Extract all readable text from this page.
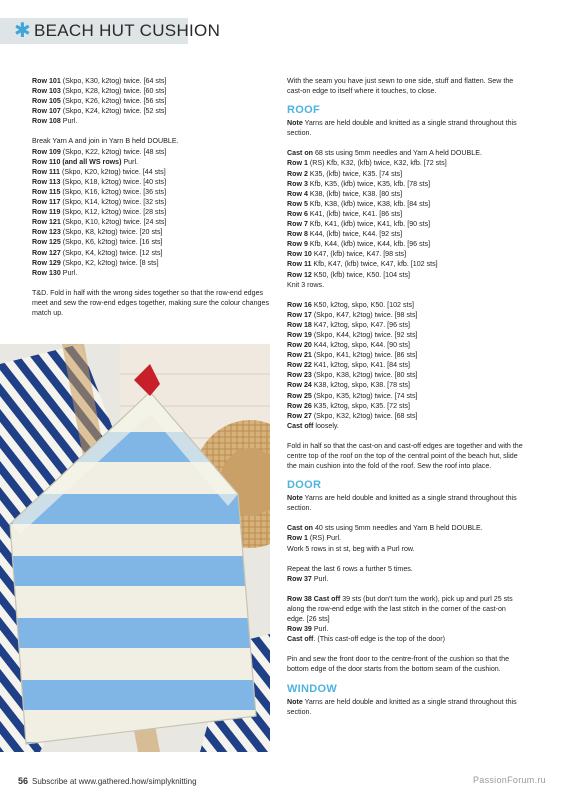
✱ BEACH HUT CUSHION

Row 101 (Skpo, K30, k2tog) twice. [64 sts]

Row 103 (Skpo, K28, k2tog) twice. [60 sts]

Row 105 (Skpo, K26, k2tog) twice. [56 sts]

Row 107 (Skpo, K24, k2tog) twice. [52 sts]

Row 108 Purl.

Break Yarn A and join in Yarn B held DOUBLE.

Row 109 (Skpo, K22, k2tog) twice. [48 sts]

Row 110 (and all WS rows) Purl.

Row 111 (Skpo, K20, k2tog) twice. [44 sts]

Row 113 (Skpo, K18, k2tog) twice. [40 sts]

Row 115 (Skpo, K16, k2tog) twice. [36 sts]

Row 117 (Skpo, K14, k2tog) twice. [32 sts]

Row 119 (Skpo, K12, k2tog) twice. [28 sts]

Row 121 (Skpo, K10, k2tog) twice. [24 sts]

Row 123 (Skpo, K8, k2tog) twice. [20 sts]

Row 125 (Skpo, K6, k2tog) twice. [16 sts]

Row 127 (Skpo, K4, k2tog) twice. [12 sts]

Row 129 (Skpo, K2, k2tog) twice. [8 sts]

Row 130 Purl.

T&D. Fold in half with the wrong sides together so that the row-end edges meet and sew the row-end edges together, making sure the colour changes match up.

With the seam you have just sewn to one side, stuff and flatten. Sew the cast-on edge to itself where it touches, to close.

ROOF

Note Yarns are held double and knitted as a single strand throughout this section.

Cast on 68 sts using 5mm needles and Yarn A held DOUBLE.

Row 1 (RS) Kfb, K32, (kfb) twice, K32, kfb. [72 sts]

Row 2 K35, (kfb) twice, K35. [74 sts]

Row 3 Kfb, K35, (kfb) twice, K35, kfb. [78 sts]

Row 4 K38, (kfb) twice, K38. [80 sts]

Row 5 Kfb, K38, (kfb) twice, K38, kfb. [84 sts]

Row 6 K41, (kfb) twice, K41. [86 sts]

Row 7 Kfb, K41, (kfb) twice, K41, kfb. [90 sts]

Row 8 K44, (kfb) twice, K44. [92 sts]

Row 9 Kfb, K44, (kfb) twice, K44, kfb. [96 sts]

Row 10 K47, (kfb) twice, K47. [98 sts]

Row 11 Kfb, K47, (kfb) twice, K47, kfb. [102 sts]

Row 12 K50, (kfb) twice, K50. [104 sts]

Knit 3 rows.

Row 16 K50, k2tog, skpo, K50. [102 sts]

Row 17 (Skpo, K47, k2tog) twice. [98 sts]

Row 18 K47, k2tog, skpo, K47. [96 sts]

Row 19 (Skpo, K44, k2tog) twice. [92 sts]

Row 20 K44, k2tog, skpo, K44. [90 sts]

Row 21 (Skpo, K41, k2tog) twice. [86 sts]

Row 22 K41, k2tog, skpo, K41. [84 sts]

Row 23 (Skpo, K38, k2tog) twice. [80 sts]

Row 24 K38, k2tog, skpo, K38. [78 sts]

Row 25 (Skpo, K35, k2tog) twice. [74 sts]

Row 26 K35, k2tog, skpo, K35. [72 sts]

Row 27 (Skpo, K32, k2tog) twice. [68 sts]

Cast off loosely.

Fold in half so that the cast-on and cast-off edges are together and with the centre top of the roof on the top of the central point of the beach hut, slide the main cushion into the fold of the roof. Sew the roof into place.

DOOR

Note Yarns are held double and knitted as a single strand throughout this section.

Cast on 40 sts using 5mm needles and Yarn B held DOUBLE.

Row 1 (RS) Purl.

Work 5 rows in st st, beg with a Purl row.

Repeat the last 6 rows a further 5 times.

Row 37 Purl.

Row 38 Cast off 39 sts (but don't turn the work), pick up and purl 25 sts along the row-end edge with the last stitch in the corner of the cast-on edge. [26 sts]

Row 39 Purl.

Cast off. (This cast-off edge is the top of the door)

Pin and sew the front door to the centre-front of the cushion so that the bottom edge of the door starts from the bottom seam of the cushion.

WINDOW

Note Yarns are held double and knitted as a single strand throughout this section.

56 Subscribe at www.gathered.how/simplyknitting	PassionForum.ru
